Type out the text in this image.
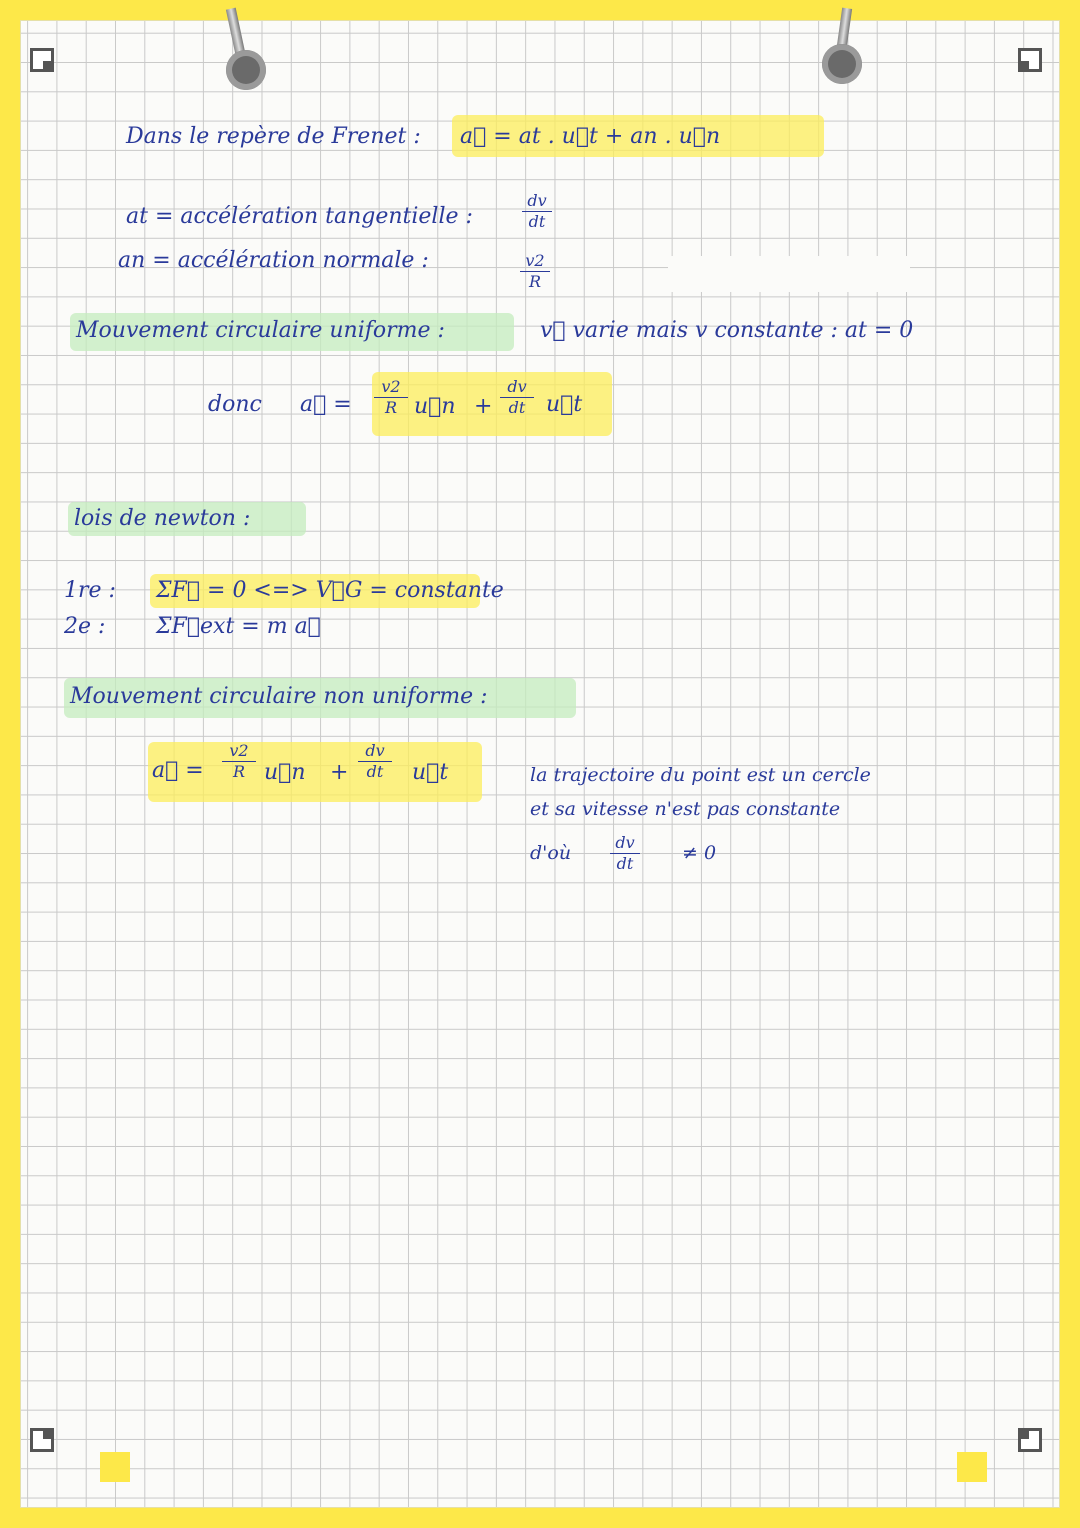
Dans le repère de Frenet : a⃗ = at . u⃗t + an . u⃗n
at = accélération tangentielle :
dv
dt
an = accélération normale :	v2
R
Mouvement circulaire uniforme :	v⃗ varie mais v constante : at = 0
donc a⃗ =
v2
R u⃗n +
dv
dt u⃗t
lois de newton :
1re : ΣF⃗ = 0 <=> V⃗G = constante
2e : ΣF⃗ext = m a⃗
Mouvement circulaire non uniforme :
a⃗ =
v2
R u⃗n +
dv
dt	u⃗t	la trajectoire du point est un cercle
et sa vitesse n'est pas constante
d'où	dv
dt	≠ 0
